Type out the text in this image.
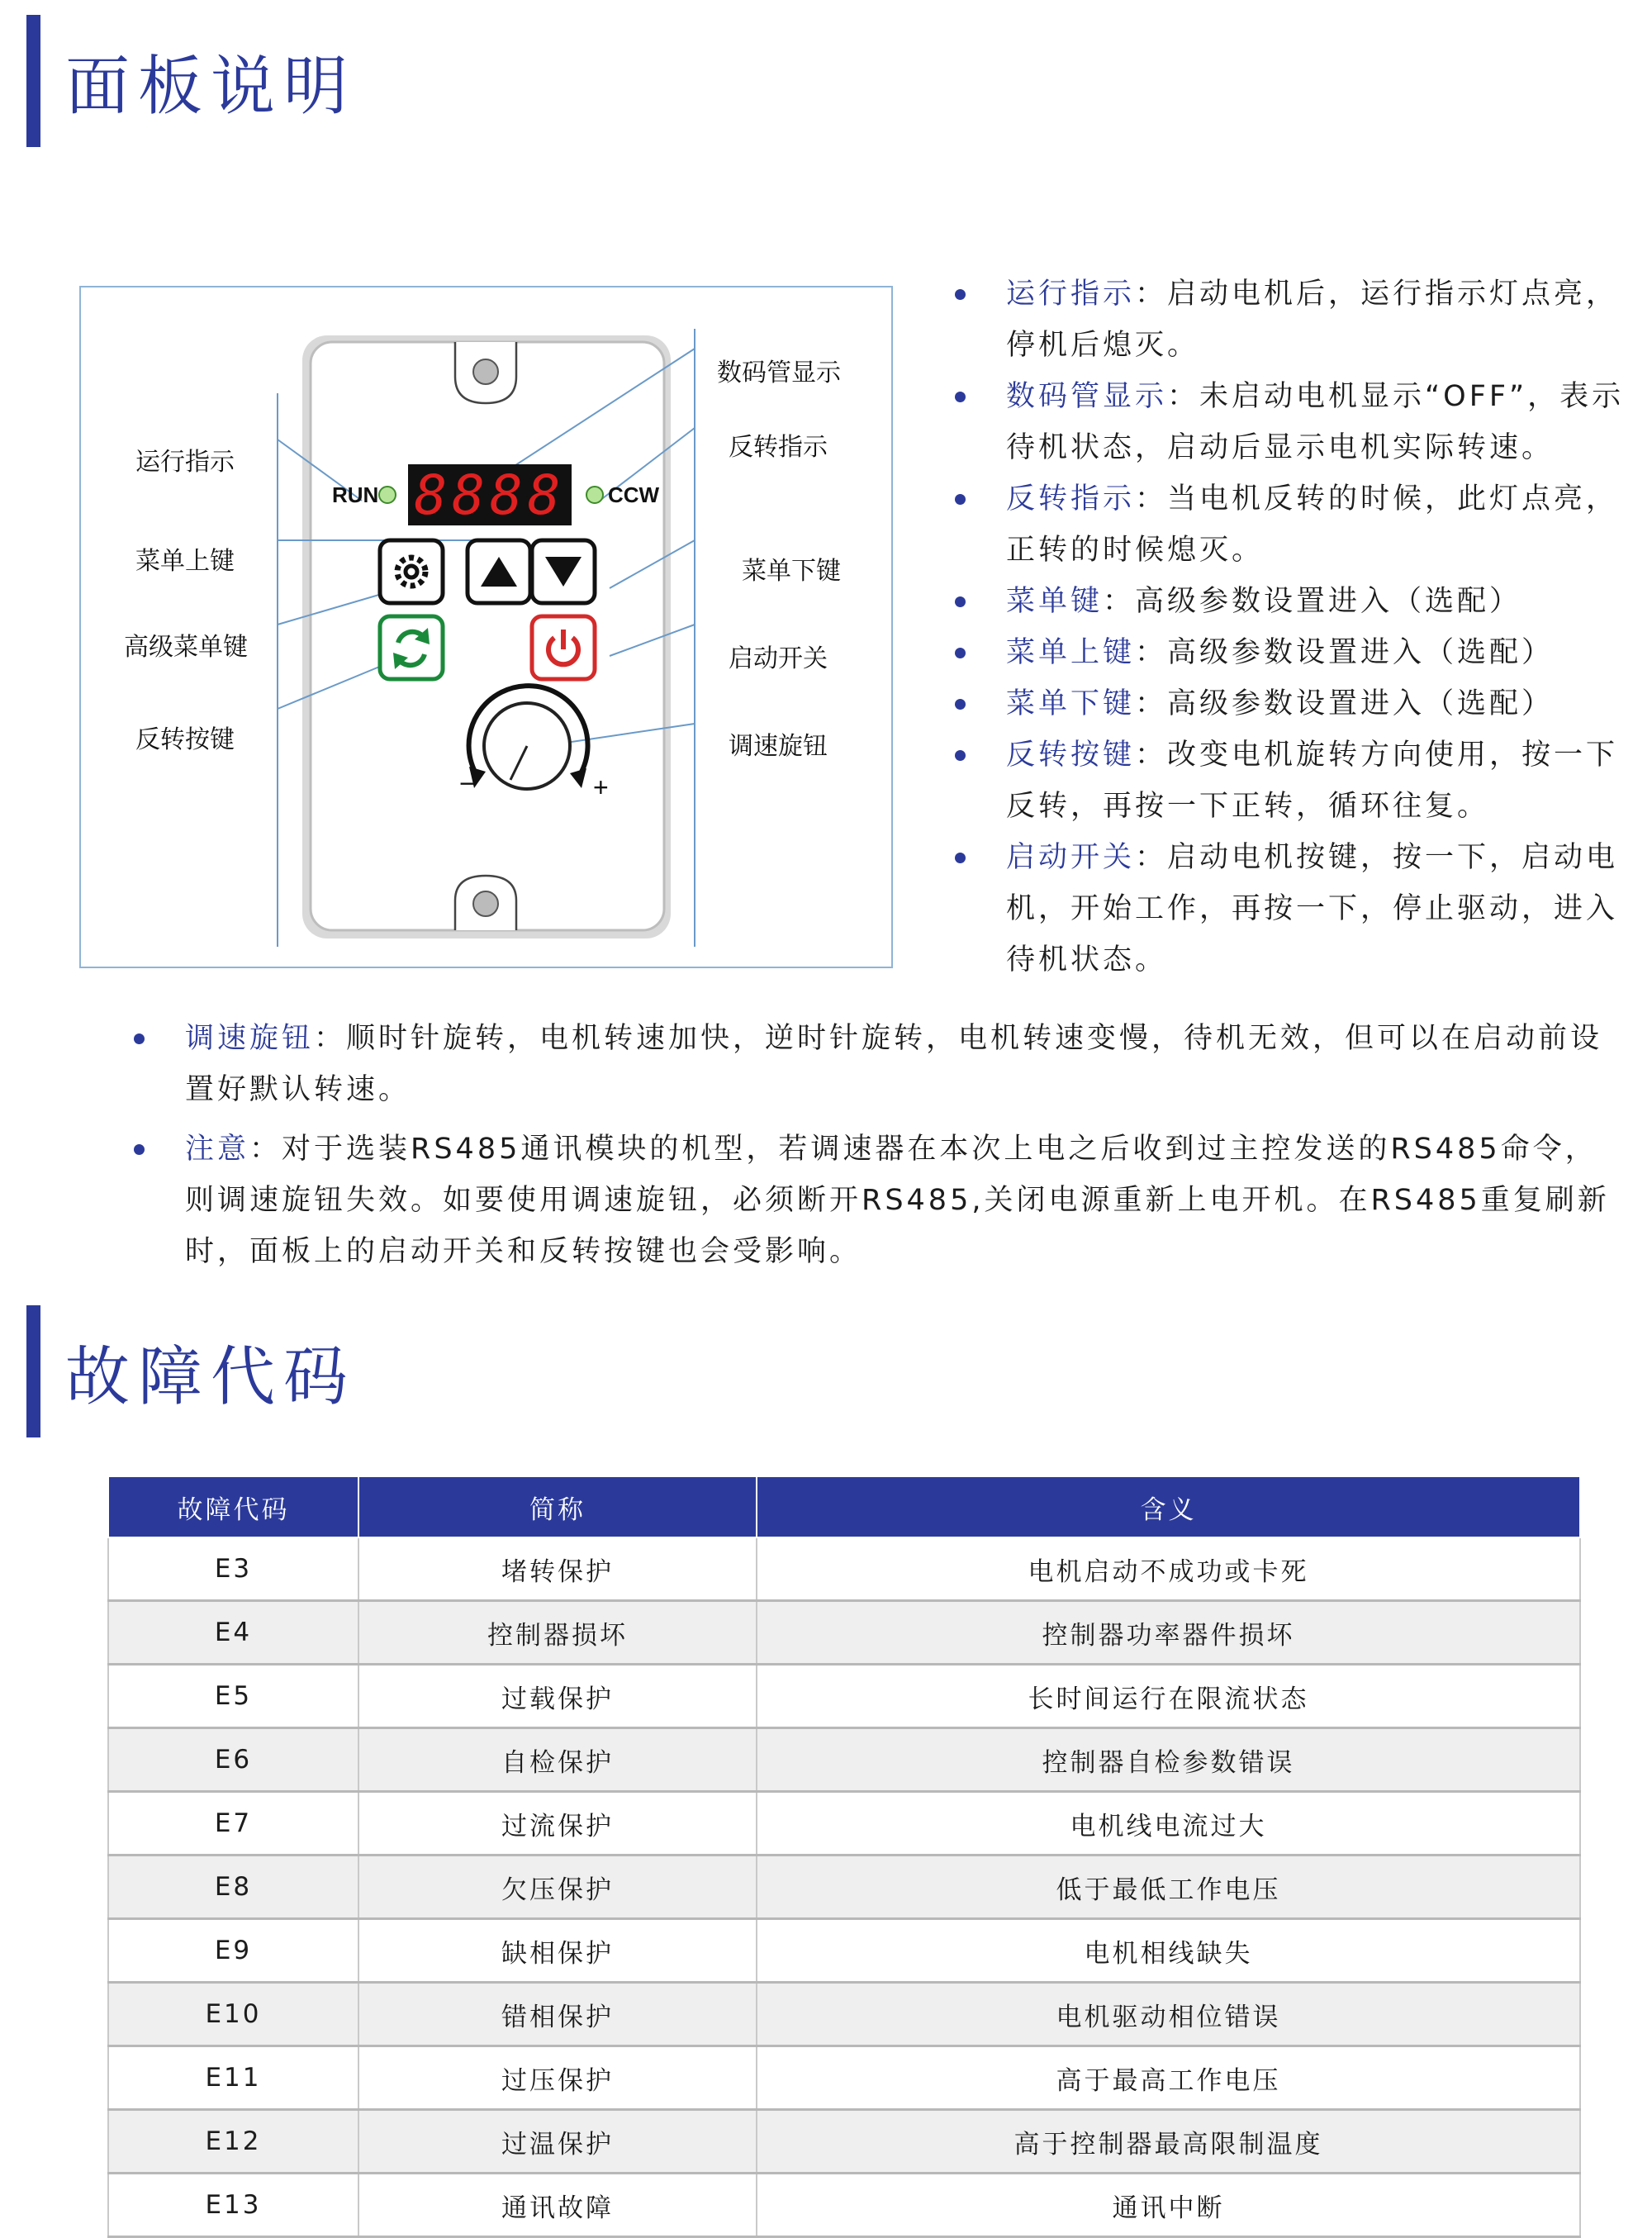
面板说明
RUN	CCW
8888
−	+
运行指示
菜单上键
高级菜单键
反转按键
数码管显示
反转指示
菜单下键
启动开关
调速旋钮
运行指示：启动电机后，运行指示灯点亮，停机后熄灭。
数码管显示：未启动电机显示“OFF”，表示待机状态，启动后显示电机实际转速。
反转指示：当电机反转的时候，此灯点亮，正转的时候熄灭。
菜单键：高级参数设置进入（选配）
菜单上键：高级参数设置进入（选配）
菜单下键：高级参数设置进入（选配）
反转按键：改变电机旋转方向使用，按一下反转，再按一下正转，循环往复。
启动开关：启动电机按键，按一下，启动电机，开始工作，再按一下，停止驱动，进入待机状态。
调速旋钮：顺时针旋转，电机转速加快，逆时针旋转，电机转速变慢，待机无效，但可以在启动前设置好默认转速。
注意：对于选装RS485通讯模块的机型，若调速器在本次上电之后收到过主控发送的RS485命令，则调速旋钮失效。如要使用调速旋钮，必须断开RS485,关闭电源重新上电开机。在RS485重复刷新时，面板上的启动开关和反转按键也会受影响。
故障代码
故障代码	简称	含义
E3	堵转保护	电机启动不成功或卡死
E4	控制器损坏	控制器功率器件损坏
E5	过载保护	长时间运行在限流状态
E6	自检保护	控制器自检参数错误
E7	过流保护	电机线电流过大
E8	欠压保护	低于最低工作电压
E9	缺相保护	电机相线缺失
E10	错相保护	电机驱动相位错误
E11	过压保护	高于最高工作电压
E12	过温保护	高于控制器最高限制温度
E13	通讯故障	通讯中断
